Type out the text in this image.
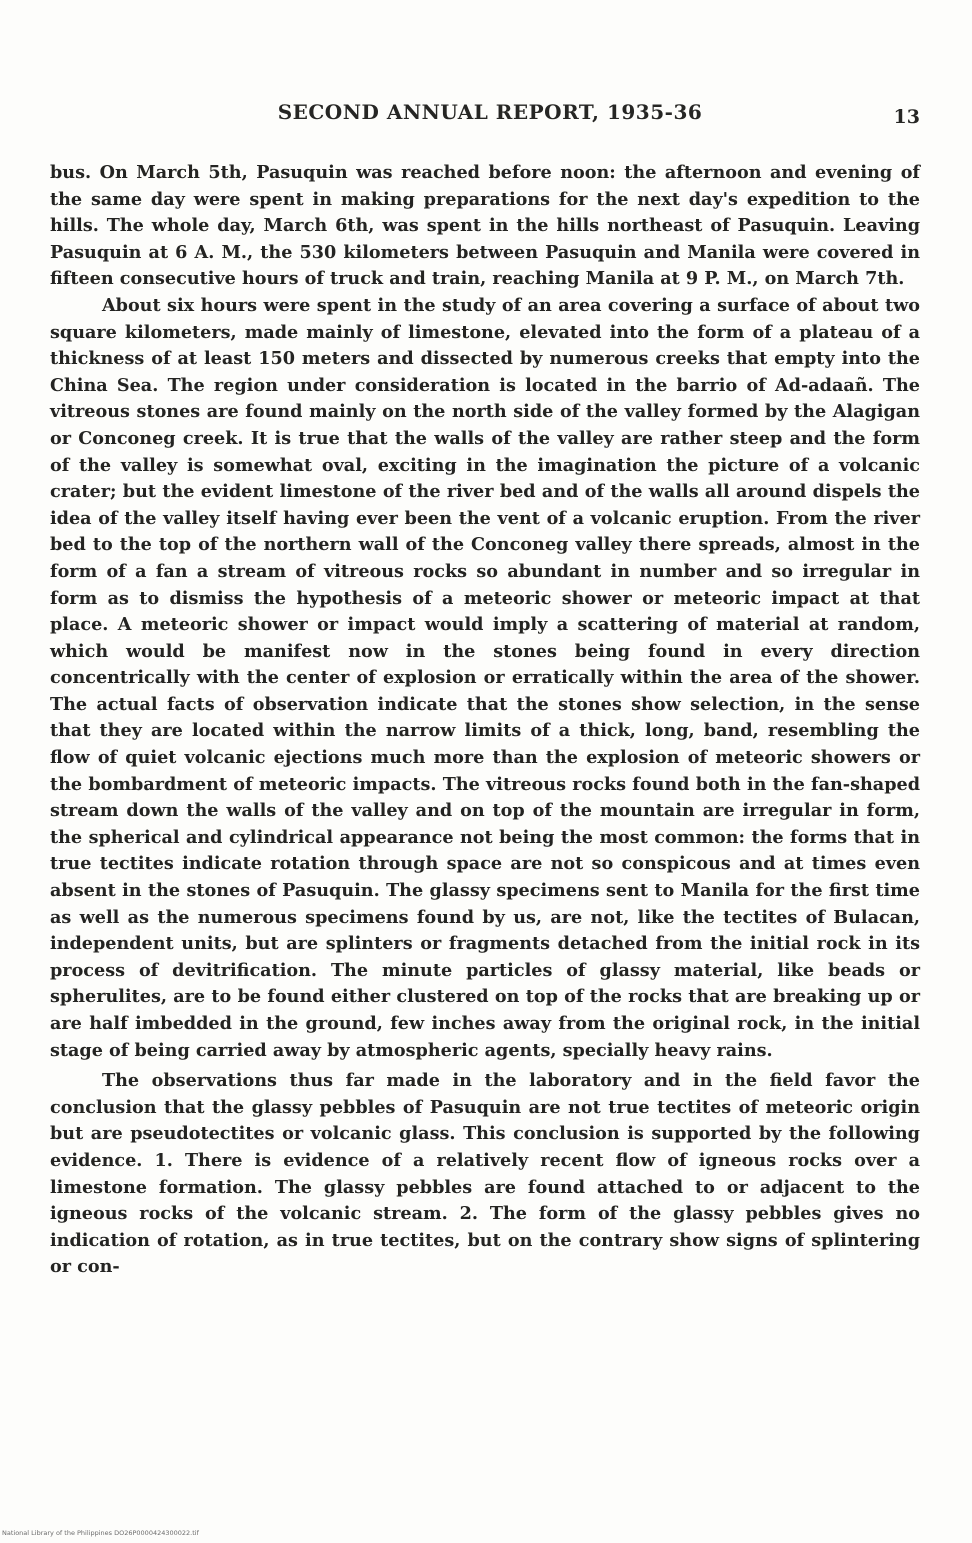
SECOND ANNUAL REPORT, 1935-36	13

bus. On March 5th, Pasuquin was reached before noon: the afternoon and evening of the same day were spent in making preparations for the next day's expedition to the hills. The whole day, March 6th, was spent in the hills northeast of Pasuquin. Leaving Pasuquin at 6 A. M., the 530 kilometers between Pasuquin and Manila were covered in fifteen consecutive hours of truck and train, reaching Manila at 9 P. M., on March 7th.

About six hours were spent in the study of an area covering a surface of about two square kilometers, made mainly of limestone, elevated into the form of a plateau of a thickness of at least 150 meters and dissected by numerous creeks that empty into the China Sea. The region under consideration is located in the barrio of Ad-adaañ. The vitreous stones are found mainly on the north side of the valley formed by the Alagigan or Conconeg creek. It is true that the walls of the valley are rather steep and the form of the valley is somewhat oval, exciting in the imagination the picture of a volcanic crater; but the evident limestone of the river bed and of the walls all around dispels the idea of the valley itself having ever been the vent of a volcanic eruption. From the river bed to the top of the northern wall of the Conconeg valley there spreads, almost in the form of a fan a stream of vitreous rocks so abundant in number and so irregular in form as to dismiss the hypothesis of a meteoric shower or meteoric impact at that place. A meteoric shower or impact would imply a scattering of material at random, which would be manifest now in the stones being found in every direction concentrically with the center of explosion or erratically within the area of the shower. The actual facts of observation indicate that the stones show selection, in the sense that they are located within the narrow limits of a thick, long, band, resembling the flow of quiet volcanic ejections much more than the explosion of meteoric showers or the bombardment of meteoric impacts. The vitreous rocks found both in the fan-shaped stream down the walls of the valley and on top of the mountain are irregular in form, the spherical and cylindrical appearance not being the most common: the forms that in true tectites indicate rotation through space are not so conspicous and at times even absent in the stones of Pasuquin. The glassy specimens sent to Manila for the first time as well as the numerous specimens found by us, are not, like the tectites of Bulacan, independent units, but are splinters or fragments detached from the initial rock in its process of devitrification. The minute particles of glassy material, like beads or spherulites, are to be found either clustered on top of the rocks that are breaking up or are half imbedded in the ground, few inches away from the original rock, in the initial stage of being carried away by atmospheric agents, specially heavy rains.

The observations thus far made in the laboratory and in the field favor the conclusion that the glassy pebbles of Pasuquin are not true tectites of meteoric origin but are pseudotectites or volcanic glass. This conclusion is supported by the following evidence. 1. There is evidence of a relatively recent flow of igneous rocks over a limestone formation. The glassy pebbles are found attached to or adjacent to the igneous rocks of the volcanic stream. 2. The form of the glassy pebbles gives no indication of rotation, as in true tectites, but on the contrary show signs of splintering or con-

National Library of the Philippines DO26P0000424300022.tif
